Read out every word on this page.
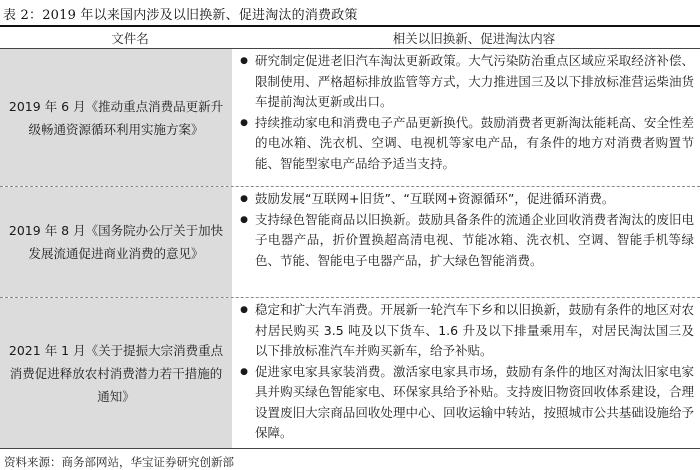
表 2：2019 年以来国内涉及以旧换新、促进淘汰的消费政策
文件名	相关以旧换新、促进淘汰内容
2019 年 6 月《推动重点消费品更新升级畅通资源循环利用实施方案》
● 研究制定促进老旧汽车淘汰更新政策。大气污染防治重点区域应采取经济补偿、限制使用、严格超标排放监管等方式，大力推进国三及以下排放标准营运柴油货车提前淘汰更新或出口。
● 持续推动家电和消费电子产品更新换代。鼓励消费者更新淘汰能耗高、安全性差的电冰箱、洗衣机、空调、电视机等家电产品，有条件的地方对消费者购置节能、智能型家电产品给予适当支持。
2019 年 8 月《国务院办公厅关于加快发展流通促进商业消费的意见》
● 鼓励发展“互联网+旧货”、“互联网+资源循环”，促进循环消费。
● 支持绿色智能商品以旧换新。鼓励具备条件的流通企业回收消费者淘汰的废旧电子电器产品，折价置换超高清电视、节能冰箱、洗衣机、空调、智能手机等绿色、节能、智能电子电器产品，扩大绿色智能消费。
2021 年 1 月《关于提振大宗消费重点消费促进释放农村消费潜力若干措施的通知》
● 稳定和扩大汽车消费。开展新一轮汽车下乡和以旧换新，鼓励有条件的地区对农村居民购买 3.5 吨及以下货车、1.6 升及以下排量乘用车，对居民淘汰国三及以下排放标准汽车并购买新车，给予补贴。
● 促进家电家具家装消费。激活家电家具市场，鼓励有条件的地区对淘汰旧家电家具并购买绿色智能家电、环保家具给予补贴。支持废旧物资回收体系建设，合理设置废旧大宗商品回收处理中心、回收运输中转站，按照城市公共基础设施给予保障。
资料来源：商务部网站，华宝证券研究创新部
